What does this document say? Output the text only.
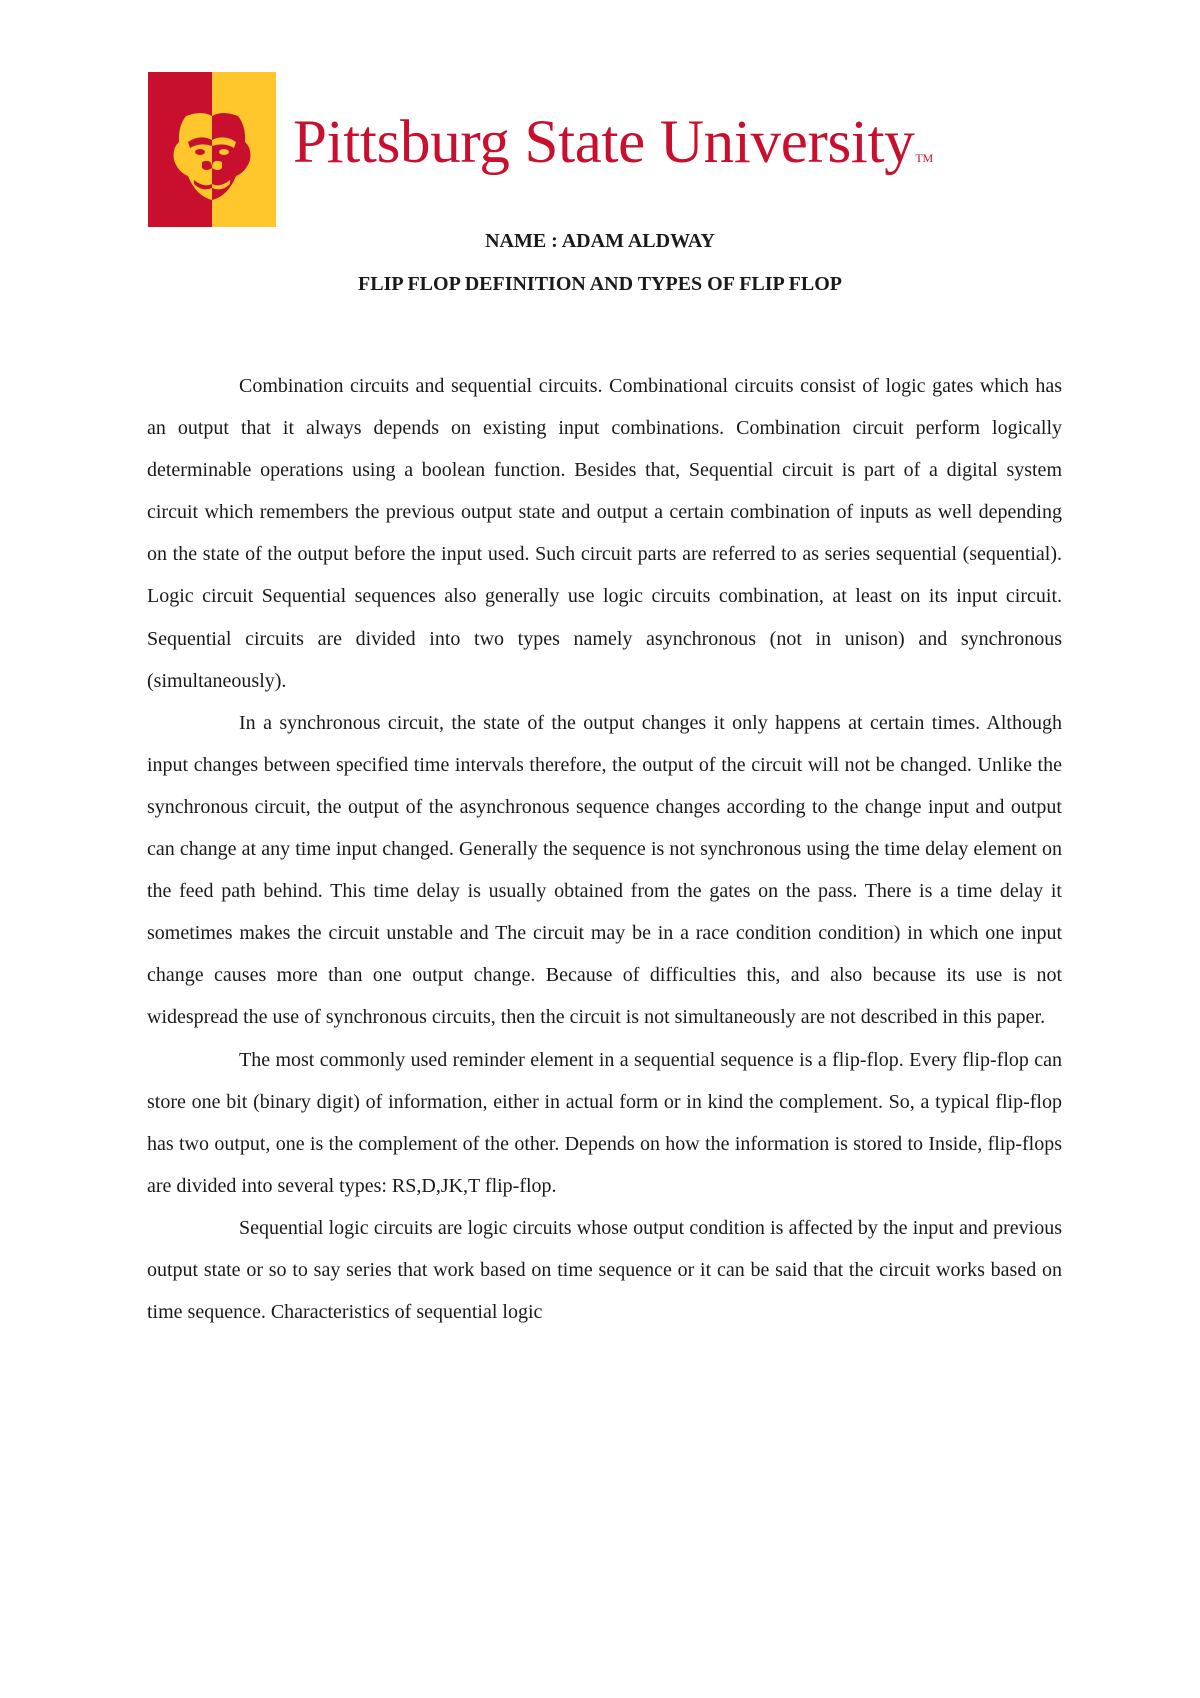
Pittsburg State UniversityTM
NAME : ADAM ALDWAY
FLIP FLOP DEFINITION AND TYPES OF FLIP FLOP

Combination circuits and sequential circuits. Combinational circuits consist of logic gates which has an output that it always depends on existing input combinations. Combination circuit perform logically determinable operations using a boolean function. Besides that, Sequential circuit is part of a digital system circuit which remembers the previous output state and output a certain combination of inputs as well depending on the state of the output before the input used. Such circuit parts are referred to as series sequential (sequential). Logic circuit Sequential sequences also generally use logic circuits combination, at least on its input circuit. Sequential circuits are divided into two types namely asynchronous (not in unison) and synchronous (simultaneously).

In a synchronous circuit, the state of the output changes it only happens at certain times. Although input changes between specified time intervals therefore, the output of the circuit will not be changed. Unlike the synchronous circuit, the output of the asynchronous sequence changes according to the change input and output can change at any time input changed. Generally the sequence is not synchronous using the time delay element on the feed path behind. This time delay is usually obtained from the gates on the pass. There is a time delay it sometimes makes the circuit unstable and The circuit may be in a race condition condition) in which one input change causes more than one output change. Because of difficulties this, and also because its use is not widespread the use of synchronous circuits, then the circuit is not simultaneously are not described in this paper.

The most commonly used reminder element in a sequential sequence is a flip-flop. Every flip-flop can store one bit (binary digit) of information, either in actual form or in kind the complement. So, a typical flip-flop has two output, one is the complement of the other. Depends on how the information is stored to Inside, flip-flops are divided into several types: RS,D,JK,T flip-flop.

Sequential logic circuits are logic circuits whose output condition is affected by the input and previous output state or so to say series that work based on time sequence or it can be said that the circuit works based on time sequence. Characteristics of sequential logic
